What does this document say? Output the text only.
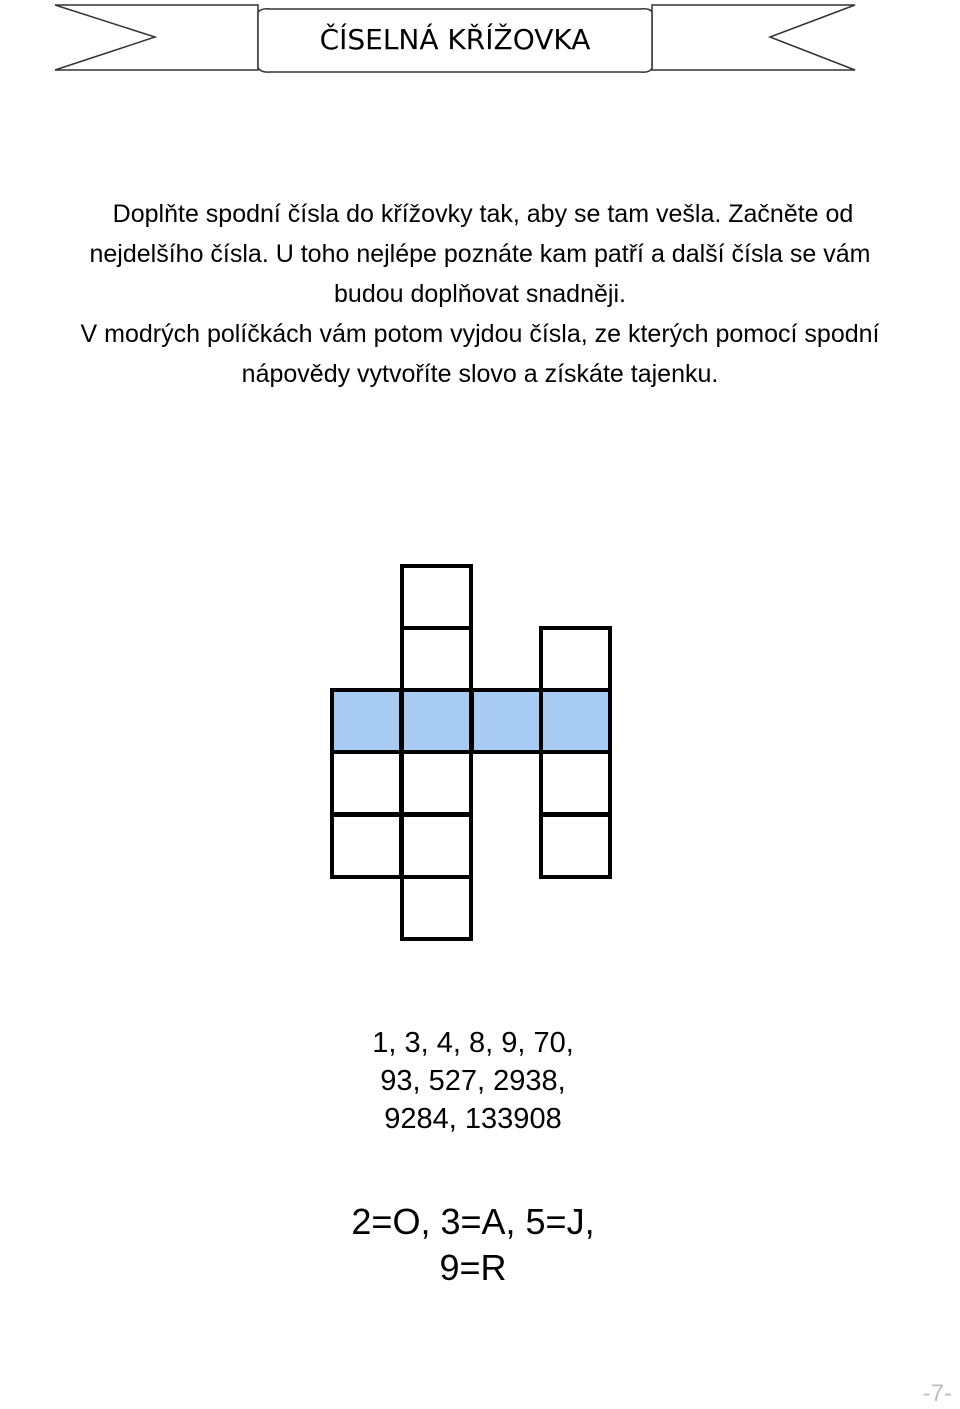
ČÍSELNÁ KŘÍŽOVKA
Doplňte spodní čísla do křížovky tak, aby se tam vešla. Začněte od
nejdelšího čísla. U toho nejlépe poznáte kam patří a další čísla se vám
budou doplňovat snadněji.
V modrých políčkách vám potom vyjdou čísla, ze kterých pomocí spodní
nápovědy vytvoříte slovo a získáte tajenku.
1, 3, 4, 8, 9, 70,
93, 527, 2938,
9284, 133908
2=O, 3=A, 5=J,
9=R
-7-
